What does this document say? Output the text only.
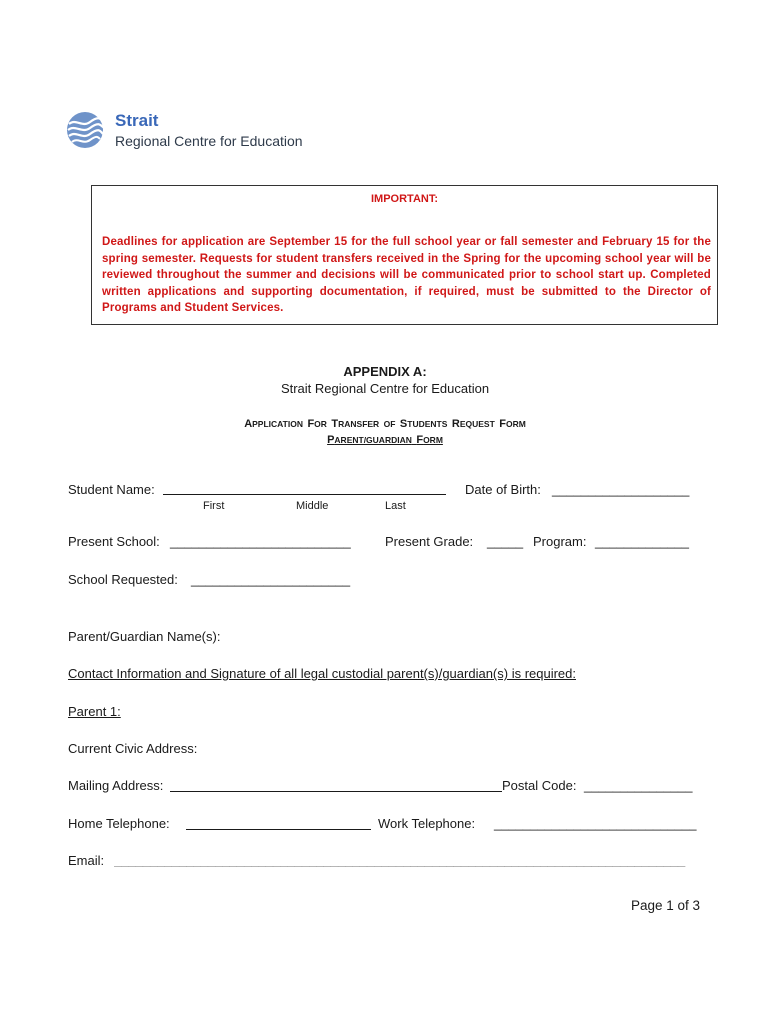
Strait
Regional Centre for Education
IMPORTANT:
Deadlines for application are September 15 for the full school year or fall semester and February 15 for the spring semester. Requests for student transfers received in the Spring for the upcoming school year will be reviewed throughout the summer and decisions will be communicated prior to school start up. Completed written applications and supporting documentation, if required, must be submitted to the Director of Programs and Student Services.
APPENDIX A:
Strait Regional Centre for Education
APPLICATION FOR TRANSFER OF STUDENTS REQUEST FORM
PARENT/GUARDIAN FORM
Student Name:
First	Middle	Last
Date of Birth: ___________________
Present School: _________________________	Present Grade: _____ Program: _____________
School Requested: ______________________
Parent/Guardian Name(s):
Contact Information and Signature of all legal custodial parent(s)/guardian(s) is required:
Parent 1:
Current Civic Address:
Mailing Address:	Postal Code: _______________
Home Telephone:	Work Telephone: ____________________________
Email: _______________________________________________________________________________
Page 1 of 3
